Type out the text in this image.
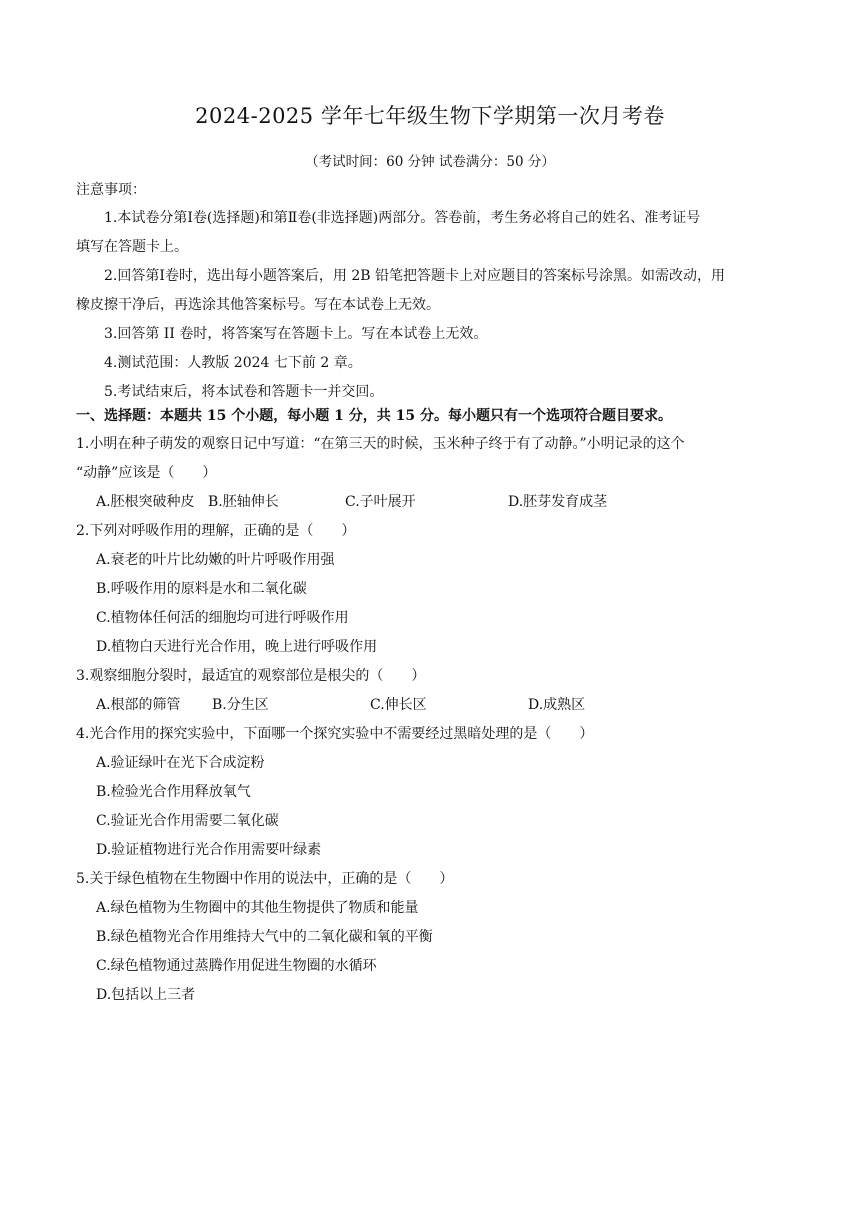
2024-2025 学年七年级生物下学期第一次月考卷
（考试时间：60 分钟 试卷满分：50 分）
注意事项：
1.本试卷分第Ⅰ卷(选择题)和第Ⅱ卷(非选择题)两部分。答卷前，考生务必将自己的姓名、准考证号
填写在答题卡上。
2.回答第Ⅰ卷时，选出每小题答案后，用 2B 铅笔把答题卡上对应题目的答案标号涂黑。如需改动，用
橡皮擦干净后，再选涂其他答案标号。写在本试卷上无效。
3.回答第 II 卷时，将答案写在答题卡上。写在本试卷上无效。
4.测试范围：人教版 2024 七下前 2 章。
5.考试结束后，将本试卷和答题卡一并交回。
一、选择题：本题共 15 个小题，每小题 1 分，共 15 分。每小题只有一个选项符合题目要求。
1.小明在种子萌发的观察日记中写道：“在第三天的时候，玉米种子终于有了动静。”小明记录的这个
“动静”应该是（　　）
A.胚根突破种皮 B.胚轴伸长	C.子叶展开	D.胚芽发育成茎
2.下列对呼吸作用的理解，正确的是（　　）
A.衰老的叶片比幼嫩的叶片呼吸作用强
B.呼吸作用的原料是水和二氧化碳
C.植物体任何活的细胞均可进行呼吸作用
D.植物白天进行光合作用，晚上进行呼吸作用
3.观察细胞分裂时，最适宜的观察部位是根尖的（　　）
A.根部的筛管 B.分生区	C.伸长区	D.成熟区
4.光合作用的探究实验中，下面哪一个探究实验中不需要经过黑暗处理的是（　　）
A.验证绿叶在光下合成淀粉
B.检验光合作用释放氧气
C.验证光合作用需要二氧化碳
D.验证植物进行光合作用需要叶绿素
5.关于绿色植物在生物圈中作用的说法中，正确的是（　　）
A.绿色植物为生物圈中的其他生物提供了物质和能量
B.绿色植物光合作用维持大气中的二氧化碳和氧的平衡
C.绿色植物通过蒸腾作用促进生物圈的水循环
D.包括以上三者
